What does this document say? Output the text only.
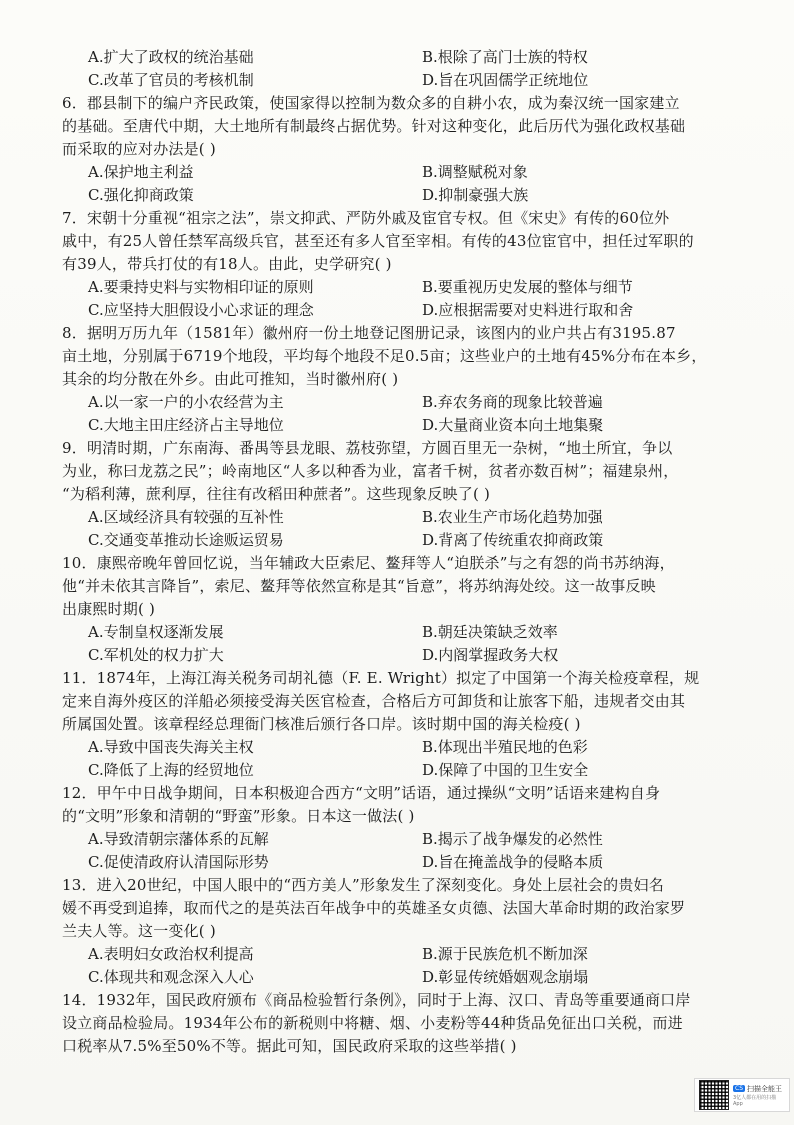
A.扩大了政权的统治基础	B.根除了高门士族的特权
C.改革了官员的考核机制	D.旨在巩固儒学正统地位
6．郡县制下的编户齐民政策，使国家得以控制为数众多的自耕小农，成为秦汉统一国家建立
的基础。至唐代中期，大土地所有制最终占据优势。针对这种变化，此后历代为强化政权基础
而采取的应对办法是( )
A.保护地主利益	B.调整赋税对象
C.强化抑商政策	D.抑制豪强大族
7．宋朝十分重视“祖宗之法”，崇文抑武、严防外戚及宦官专权。但《宋史》有传的60位外
戚中，有25人曾任禁军高级兵官，甚至还有多人官至宰相。有传的43位宦官中，担任过军职的
有39人，带兵打仗的有18人。由此，史学研究( )
A.要秉持史料与实物相印证的原则	B.要重视历史发展的整体与细节
C.应坚持大胆假设小心求证的理念	D.应根据需要对史料进行取和舍
8．据明万历九年（1581年）徽州府一份土地登记图册记录，该图内的业户共占有3195.87
亩土地，分别属于6719个地段，平均每个地段不足0.5亩；这些业户的土地有45%分布在本乡，
其余的均分散在外乡。由此可推知，当时徽州府( )
A.以一家一户的小农经营为主	B.弃农务商的现象比较普遍
C.大地主田庄经济占主导地位	D.大量商业资本向土地集聚
9．明清时期，广东南海、番禺等县龙眼、荔枝弥望，方圆百里无一杂树，“地土所宜，争以
为业，称曰龙荔之民”；岭南地区“人多以种香为业，富者千树，贫者亦数百树”；福建泉州，
“为稻利薄，蔗利厚，往往有改稻田种蔗者”。这些现象反映了( )
A.区域经济具有较强的互补性	B.农业生产市场化趋势加强
C.交通变革推动长途贩运贸易	D.背离了传统重农抑商政策
10．康熙帝晚年曾回忆说，当年辅政大臣索尼、鳌拜等人“迫朕杀”与之有怨的尚书苏纳海，
他“并未依其言降旨”，索尼、鳌拜等依然宣称是其“旨意”，将苏纳海处绞。这一故事反映
出康熙时期( )
A.专制皇权逐渐发展	B.朝廷决策缺乏效率
C.军机处的权力扩大	D.内阁掌握政务大权
11．1874年，上海江海关税务司胡礼德（F. E. Wright）拟定了中国第一个海关检疫章程，规
定来自海外疫区的洋船必须接受海关医官检查，合格后方可卸货和让旅客下船，违规者交由其
所属国处置。该章程经总理衙门核准后颁行各口岸。该时期中国的海关检疫( )
A.导致中国丧失海关主权	B.体现出半殖民地的色彩
C.降低了上海的经贸地位	D.保障了中国的卫生安全
12．甲午中日战争期间，日本积极迎合西方“文明”话语，通过操纵“文明”话语来建构自身
的“文明”形象和清朝的“野蛮”形象。日本这一做法( )
A.导致清朝宗藩体系的瓦解	B.揭示了战争爆发的必然性
C.促使清政府认清国际形势	D.旨在掩盖战争的侵略本质
13．进入20世纪，中国人眼中的“西方美人”形象发生了深刻变化。身处上层社会的贵妇名
媛不再受到追捧，取而代之的是英法百年战争中的英雄圣女贞德、法国大革命时期的政治家罗
兰夫人等。这一变化( )
A.表明妇女政治权利提高	B.源于民族危机不断加深
C.体现共和观念深入人心	D.彰显传统婚姻观念崩塌
14．1932年，国民政府颁布《商品检验暂行条例》，同时于上海、汉口、青岛等重要通商口岸
设立商品检验局。1934年公布的新税则中将糖、烟、小麦粉等44种货品免征出口关税，而进
口税率从7.5%至50%不等。据此可知，国民政府采取的这些举措( )
CS 扫描全能王
3亿人都在用的扫描App
